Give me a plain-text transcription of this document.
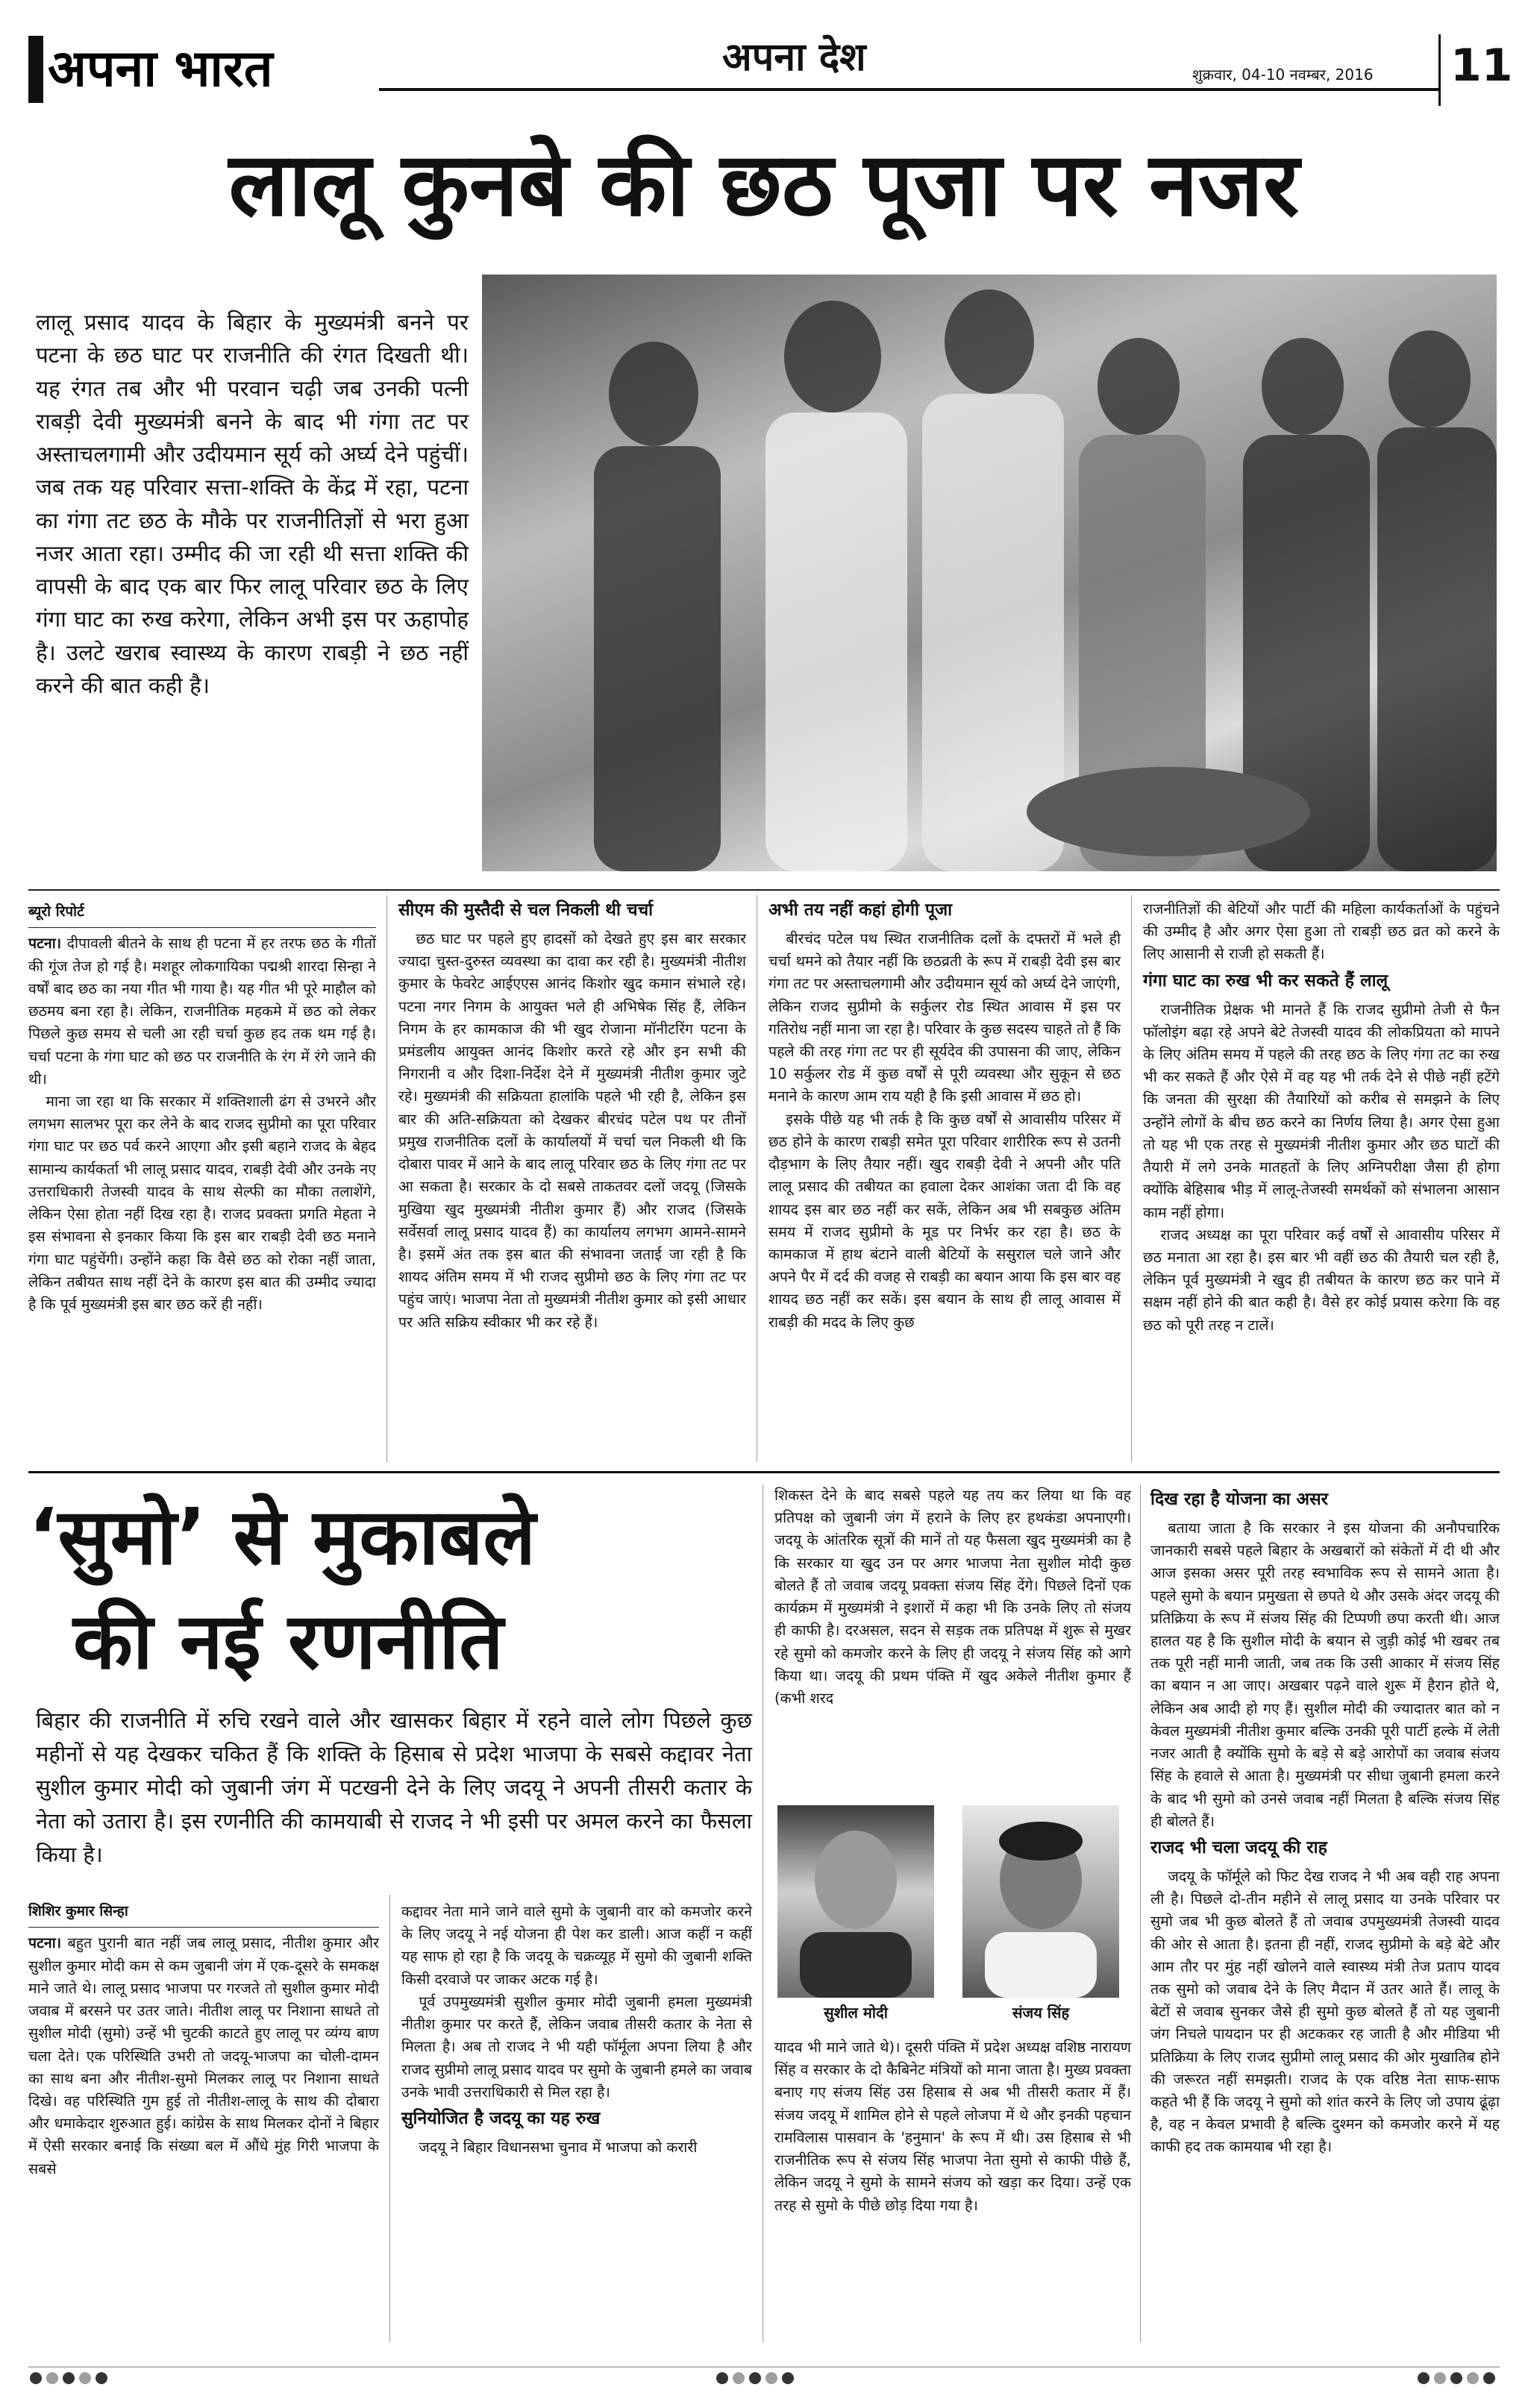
अपना भारत	अपना देश	शुक्रवार, 04-10 नवम्बर, 2016 11
लालू कुनबे की छठ पूजा पर नजर

लालू प्रसाद यादव के बिहार के मुख्यमंत्री बनने पर पटना के छठ घाट पर राजनीति की रंगत दिखती थी। यह रंगत तब और भी परवान चढ़ी जब उनकी पत्नी राबड़ी देवी मुख्यमंत्री बनने के बाद भी गंगा तट पर अस्ताचलगामी और उदीयमान सूर्य को अर्घ्य देने पहुंचीं। जब तक यह परिवार सत्ता-शक्ति के केंद्र में रहा, पटना का गंगा तट छठ के मौके पर राजनीतिज्ञों से भरा हुआ नजर आता रहा। उम्मीद की जा रही थी सत्ता शक्ति की वापसी के बाद एक बार फिर लालू परिवार छठ के लिए गंगा घाट का रुख करेगा, लेकिन अभी इस पर ऊहापोह है। उलटे खराब स्वास्थ्य के कारण राबड़ी ने छठ नहीं करने की बात कही है।

ब्यूरो रिपोर्ट

पटना। दीपावली बीतने के साथ ही पटना में हर तरफ छठ के गीतों की गूंज तेज हो गई है। मशहूर लोकगायिका पद्मश्री शारदा सिन्हा ने वर्षों बाद छठ का नया गीत भी गाया है। यह गीत भी पूरे माहौल को छठमय बना रहा है। लेकिन, राजनीतिक महकमे में छठ को लेकर पिछले कुछ समय से चली आ रही चर्चा कुछ हद तक थम गई है। चर्चा पटना के गंगा घाट को छठ पर राजनीति के रंग में रंगे जाने की थी।

माना जा रहा था कि सरकार में शक्तिशाली ढंग से उभरने और लगभग सालभर पूरा कर लेने के बाद राजद सुप्रीमो का पूरा परिवार गंगा घाट पर छठ पर्व करने आएगा और इसी बहाने राजद के बेहद सामान्य कार्यकर्ता भी लालू प्रसाद यादव, राबड़ी देवी और उनके नए उत्तराधिकारी तेजस्वी यादव के साथ सेल्फी का मौका तलाशेंगे, लेकिन ऐसा होता नहीं दिख रहा है। राजद प्रवक्ता प्रगति मेहता ने इस संभावना से इनकार किया कि इस बार राबड़ी देवी छठ मनाने गंगा घाट पहुंचेंगी। उन्होंने कहा कि वैसे छठ को रोका नहीं जाता, लेकिन तबीयत साथ नहीं देने के कारण इस बात की उम्मीद ज्यादा है कि पूर्व मुख्यमंत्री इस बार छठ करें ही नहीं।

सीएम की मुस्तैदी से चल निकली थी चर्चा

छठ घाट पर पहले हुए हादसों को देखते हुए इस बार सरकार ज्यादा चुस्त-दुरुस्त व्यवस्था का दावा कर रही है। मुख्यमंत्री नीतीश कुमार के फेवरेट आईएएस आनंद किशोर खुद कमान संभाले रहे। पटना नगर निगम के आयुक्त भले ही अभिषेक सिंह हैं, लेकिन निगम के हर कामकाज की भी खुद रोजाना मॉनीटरिंग पटना के प्रमंडलीय आयुक्त आनंद किशोर करते रहे और इन सभी की निगरानी व और दिशा-निर्देश देने में मुख्यमंत्री नीतीश कुमार जुटे रहे। मुख्यमंत्री की सक्रियता हालांकि पहले भी रही है, लेकिन इस बार की अति-सक्रियता को देखकर बीरचंद पटेल पथ पर तीनों प्रमुख राजनीतिक दलों के कार्यालयों में चर्चा चल निकली थी कि दोबारा पावर में आने के बाद लालू परिवार छठ के लिए गंगा तट पर आ सकता है। सरकार के दो सबसे ताकतवर दलों जदयू (जिसके मुखिया खुद मुख्यमंत्री नीतीश कुमार हैं) और राजद (जिसके सर्वेसर्वा लालू प्रसाद यादव हैं) का कार्यालय लगभग आमने-सामने है। इसमें अंत तक इस बात की संभावना जताई जा रही है कि शायद अंतिम समय में भी राजद सुप्रीमो छठ के लिए गंगा तट पर पहुंच जाएं। भाजपा नेता तो मुख्यमंत्री नीतीश कुमार को इसी आधार पर अति सक्रिय स्वीकार भी कर रहे हैं।

अभी तय नहीं कहां होगी पूजा

बीरचंद पटेल पथ स्थित राजनीतिक दलों के दफ्तरों में भले ही चर्चा थमने को तैयार नहीं कि छठव्रती के रूप में राबड़ी देवी इस बार गंगा तट पर अस्ताचलगामी और उदीयमान सूर्य को अर्घ्य देने जाएंगी, लेकिन राजद सुप्रीमो के सर्कुलर रोड स्थित आवास में इस पर गतिरोध नहीं माना जा रहा है। परिवार के कुछ सदस्य चाहते तो हैं कि पहले की तरह गंगा तट पर ही सूर्यदेव की उपासना की जाए, लेकिन 10 सर्कुलर रोड में कुछ वर्षों से पूरी व्यवस्था और सुकून से छठ मनाने के कारण आम राय यही है कि इसी आवास में छठ हो।

इसके पीछे यह भी तर्क है कि कुछ वर्षों से आवासीय परिसर में छठ होने के कारण राबड़ी समेत पूरा परिवार शारीरिक रूप से उतनी दौड़भाग के लिए तैयार नहीं। खुद राबड़ी देवी ने अपनी और पति लालू प्रसाद की तबीयत का हवाला देकर आशंका जता दी कि वह शायद इस बार छठ नहीं कर सकें, लेकिन अब भी सबकुछ अंतिम समय में राजद सुप्रीमो के मूड पर निर्भर कर रहा है। छठ के कामकाज में हाथ बंटाने वाली बेटियों के ससुराल चले जाने और अपने पैर में दर्द की वजह से राबड़ी का बयान आया कि इस बार वह शायद छठ नहीं कर सकें। इस बयान के साथ ही लालू आवास में राबड़ी की मदद के लिए कुछ

राजनीतिज्ञों की बेटियों और पार्टी की महिला कार्यकर्ताओं के पहुंचने की उम्मीद है और अगर ऐसा हुआ तो राबड़ी छठ व्रत को करने के लिए आसानी से राजी हो सकती हैं।

गंगा घाट का रुख भी कर सकते हैं लालू

राजनीतिक प्रेक्षक भी मानते हैं कि राजद सुप्रीमो तेजी से फैन फॉलोइंग बढ़ा रहे अपने बेटे तेजस्वी यादव की लोकप्रियता को मापने के लिए अंतिम समय में पहले की तरह छठ के लिए गंगा तट का रुख भी कर सकते हैं और ऐसे में वह यह भी तर्क देने से पीछे नहीं हटेंगे कि जनता की सुरक्षा की तैयारियों को करीब से समझने के लिए उन्होंने लोगों के बीच छठ करने का निर्णय लिया है। अगर ऐसा हुआ तो यह भी एक तरह से मुख्यमंत्री नीतीश कुमार और छठ घाटों की तैयारी में लगे उनके मातहतों के लिए अग्निपरीक्षा जैसा ही होगा क्योंकि बेहिसाब भीड़ में लालू-तेजस्वी समर्थकों को संभालना आसान काम नहीं होगा।

राजद अध्यक्ष का पूरा परिवार कई वर्षों से आवासीय परिसर में छठ मनाता आ रहा है। इस बार भी वहीं छठ की तैयारी चल रही है, लेकिन पूर्व मुख्यमंत्री ने खुद ही तबीयत के कारण छठ कर पाने में सक्षम नहीं होने की बात कही है। वैसे हर कोई प्रयास करेगा कि वह छठ को पूरी तरह न टालें।

‘सुमो’ से मुकाबले
की नई रणनीति

बिहार की राजनीति में रुचि रखने वाले और खासकर बिहार में रहने वाले लोग पिछले कुछ महीनों से यह देखकर चकित हैं कि शक्ति के हिसाब से प्रदेश भाजपा के सबसे कद्दावर नेता सुशील कुमार मोदी को जुबानी जंग में पटखनी देने के लिए जदयू ने अपनी तीसरी कतार के नेता को उतारा है। इस रणनीति की कामयाबी से राजद ने भी इसी पर अमल करने का फैसला किया है।

शिशिर कुमार सिन्हा

पटना। बहुत पुरानी बात नहीं जब लालू प्रसाद, नीतीश कुमार और सुशील कुमार मोदी कम से कम जुबानी जंग में एक-दूसरे के समकक्ष माने जाते थे। लालू प्रसाद भाजपा पर गरजते तो सुशील कुमार मोदी जवाब में बरसने पर उतर जाते। नीतीश लालू पर निशाना साधते तो सुशील मोदी (सुमो) उन्हें भी चुटकी काटते हुए लालू पर व्यंग्य बाण चला देते। एक परिस्थिति उभरी तो जदयू-भाजपा का चोली-दामन का साथ बना और नीतीश-सुमो मिलकर लालू पर निशाना साधते दिखे। वह परिस्थिति गुम हुई तो नीतीश-लालू के साथ की दोबारा और धमाकेदार शुरुआत हुई। कांग्रेस के साथ मिलकर दोनों ने बिहार में ऐसी सरकार बनाई कि संख्या बल में औंधे मुंह गिरी भाजपा के सबसे

कद्दावर नेता माने जाने वाले सुमो के जुबानी वार को कमजोर करने के लिए जदयू ने नई योजना ही पेश कर डाली। आज कहीं न कहीं यह साफ हो रहा है कि जदयू के चक्रव्यूह में सुमो की जुबानी शक्ति किसी दरवाजे पर जाकर अटक गई है।

पूर्व उपमुख्यमंत्री सुशील कुमार मोदी जुबानी हमला मुख्यमंत्री नीतीश कुमार पर करते हैं, लेकिन जवाब तीसरी कतार के नेता से मिलता है। अब तो राजद ने भी यही फॉर्मूला अपना लिया है और राजद सुप्रीमो लालू प्रसाद यादव पर सुमो के जुबानी हमले का जवाब उनके भावी उत्तराधिकारी से मिल रहा है।

सुनियोजित है जदयू का यह रुख

जदयू ने बिहार विधानसभा चुनाव में भाजपा को करारी

शिकस्त देने के बाद सबसे पहले यह तय कर लिया था कि वह प्रतिपक्ष को जुबानी जंग में हराने के लिए हर हथकंडा अपनाएगी। जदयू के आंतरिक सूत्रों की मानें तो यह फैसला खुद मुख्यमंत्री का है कि सरकार या खुद उन पर अगर भाजपा नेता सुशील मोदी कुछ बोलते हैं तो जवाब जदयू प्रवक्ता संजय सिंह देंगे। पिछले दिनों एक कार्यक्रम में मुख्यमंत्री ने इशारों में कहा भी कि उनके लिए तो संजय ही काफी है। दरअसल, सदन से सड़क तक प्रतिपक्ष में शुरू से मुखर रहे सुमो को कमजोर करने के लिए ही जदयू ने संजय सिंह को आगे किया था। जदयू की प्रथम पंक्ति में खुद अकेले नीतीश कुमार हैं (कभी शरद

सुशील मोदी	संजय सिंह

यादव भी माने जाते थे)। दूसरी पंक्ति में प्रदेश अध्यक्ष वशिष्ठ नारायण सिंह व सरकार के दो कैबिनेट मंत्रियों को माना जाता है। मुख्य प्रवक्ता बनाए गए संजय सिंह उस हिसाब से अब भी तीसरी कतार में हैं। संजय जदयू में शामिल होने से पहले लोजपा में थे और इनकी पहचान रामविलास पासवान के 'हनुमान' के रूप में थी। उस हिसाब से भी राजनीतिक रूप से संजय सिंह भाजपा नेता सुमो से काफी पीछे हैं, लेकिन जदयू ने सुमो के सामने संजय को खड़ा कर दिया। उन्हें एक तरह से सुमो के पीछे छोड़ दिया गया है।

दिख रहा है योजना का असर

बताया जाता है कि सरकार ने इस योजना की अनौपचारिक जानकारी सबसे पहले बिहार के अखबारों को संकेतों में दी थी और आज इसका असर पूरी तरह स्वभाविक रूप से सामने आता है। पहले सुमो के बयान प्रमुखता से छपते थे और उसके अंदर जदयू की प्रतिक्रिया के रूप में संजय सिंह की टिप्पणी छपा करती थी। आज हालत यह है कि सुशील मोदी के बयान से जुड़ी कोई भी खबर तब तक पूरी नहीं मानी जाती, जब तक कि उसी आकार में संजय सिंह का बयान न आ जाए। अखबार पढ़ने वाले शुरू में हैरान होते थे, लेकिन अब आदी हो गए हैं। सुशील मोदी की ज्यादातर बात को न केवल मुख्यमंत्री नीतीश कुमार बल्कि उनकी पूरी पार्टी हल्के में लेती नजर आती है क्योंकि सुमो के बड़े से बड़े आरोपों का जवाब संजय सिंह के हवाले से आता है। मुख्यमंत्री पर सीधा जुबानी हमला करने के बाद भी सुमो को उनसे जवाब नहीं मिलता है बल्कि संजय सिंह ही बोलते हैं।

राजद भी चला जदयू की राह

जदयू के फॉर्मूले को फिट देख राजद ने भी अब वही राह अपना ली है। पिछले दो-तीन महीने से लालू प्रसाद या उनके परिवार पर सुमो जब भी कुछ बोलते हैं तो जवाब उपमुख्यमंत्री तेजस्वी यादव की ओर से आता है। इतना ही नहीं, राजद सुप्रीमो के बड़े बेटे और आम तौर पर मुंह नहीं खोलने वाले स्वास्थ्य मंत्री तेज प्रताप यादव तक सुमो को जवाब देने के लिए मैदान में उतर आते हैं। लालू के बेटों से जवाब सुनकर जैसे ही सुमो कुछ बोलते हैं तो यह जुबानी जंग निचले पायदान पर ही अटककर रह जाती है और मीडिया भी प्रतिक्रिया के लिए राजद सुप्रीमो लालू प्रसाद की ओर मुखातिब होने की जरूरत नहीं समझती। राजद के एक वरिष्ठ नेता साफ-साफ कहते भी हैं कि जदयू ने सुमो को शांत करने के लिए जो उपाय ढूंढ़ा है, वह न केवल प्रभावी है बल्कि दुश्मन को कमजोर करने में यह काफी हद तक कामयाब भी रहा है।
